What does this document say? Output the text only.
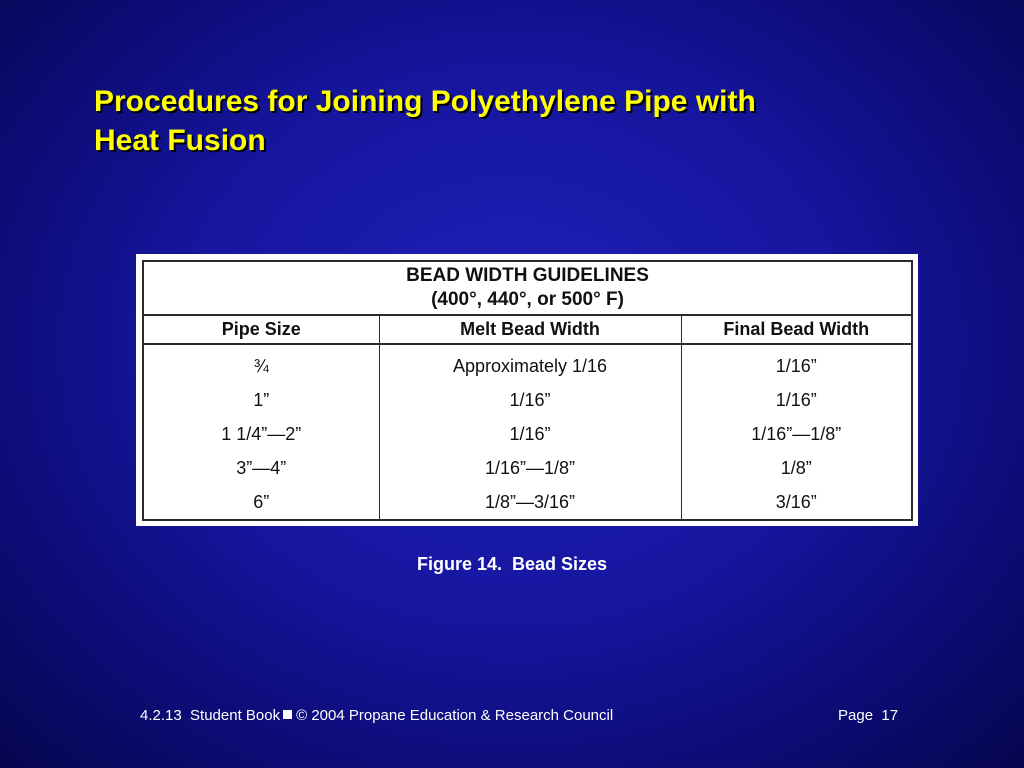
Procedures for Joining Polyethylene Pipe with
Heat Fusion
BEAD WIDTH GUIDELINES
(400°, 440°, or 500° F)		

Pipe Size	Melt Bead Width	Final Bead Width
¾	Approximately 1/16	1/16”
1”	1/16”	1/16”
1 1/4”—2”	1/16”	1/16”—1/8”
3”—4”	1/16”—1/8”	1/8”
6”	1/8”—3/16”	3/16”
Figure 14.  Bead Sizes
4.2.13  Student Book © 2004 Propane Education & Research Council	Page  17
